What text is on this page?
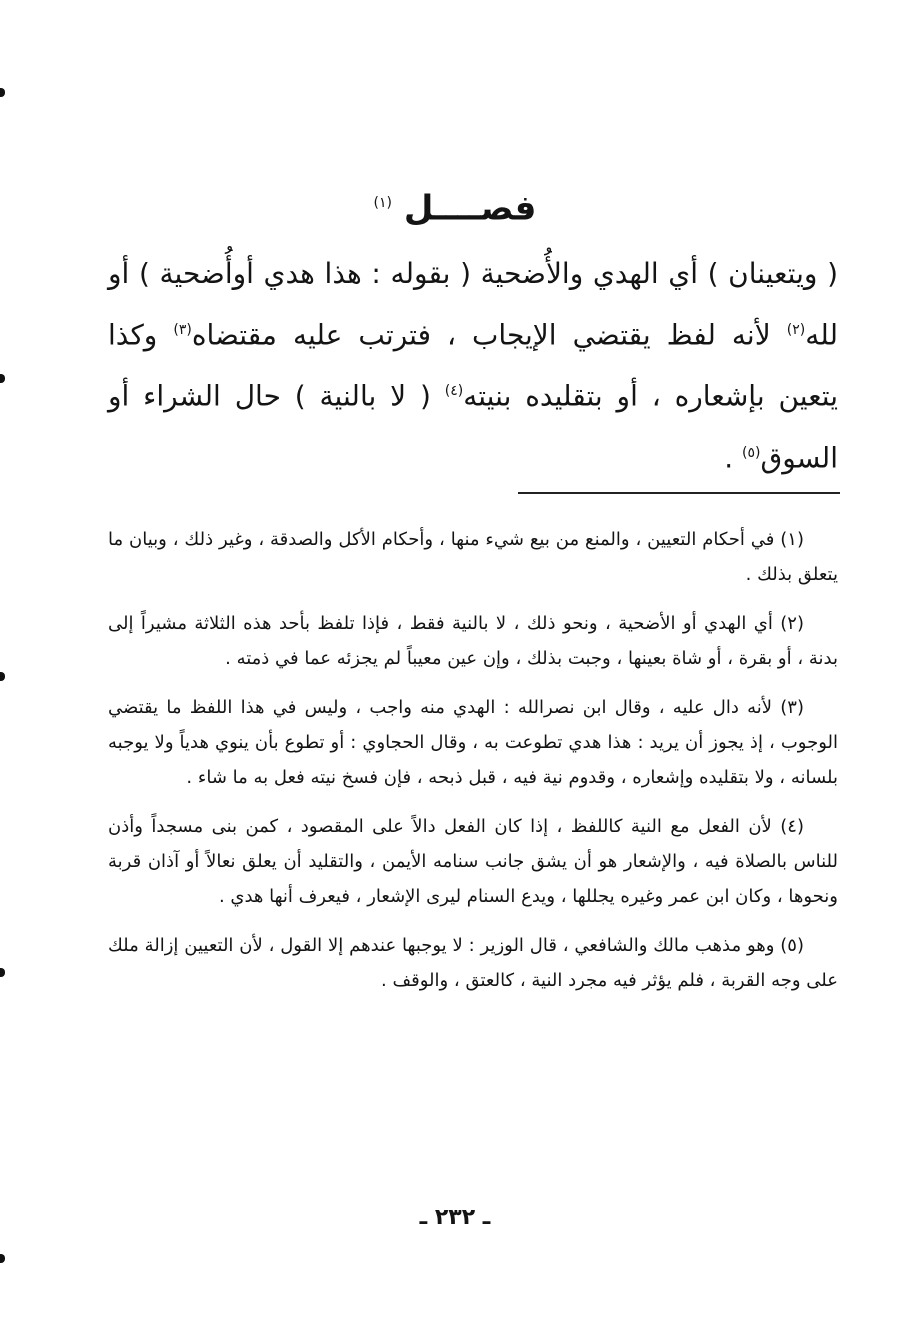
فصــــل $^{(١)}$

( ويتعينان ) أي الهدي والأُضحية ( بقوله : هذا هدي أوأُضحية ) أو لله$^{(٢)}$ لأنه لفظ يقتضي الإيجاب ، فترتب عليه مقتضاه$^{(٣)}$ وكذا يتعين بإشعاره ، أو بتقليده بنيته$^{(٤)}$ ( لا بالنية ) حال الشراء أو السوق$^{(٥)}$ .

(١) في أحكام التعيين ، والمنع من بيع شيء منها ، وأحكام الأكل والصدقة ، وغير ذلك ، وبيان ما يتعلق بذلك .

(٢) أي الهدي أو الأضحية ، ونحو ذلك ، لا بالنية فقط ، فإذا تلفظ بأحد هذه الثلاثة مشيراً إلى بدنة ، أو بقرة ، أو شاة بعينها ، وجبت بذلك ، وإن عين معيباً لم يجزئه عما في ذمته .

(٣) لأنه دال عليه ، وقال ابن نصرالله : الهدي منه واجب ، وليس في هذا اللفظ ما يقتضي الوجوب ، إذ يجوز أن يريد : هذا هدي تطوعت به ، وقال الحجاوي : أو تطوع بأن ينوي هدياً ولا يوجبه بلسانه ، ولا بتقليده وإشعاره ، وقدوم نية فيه ، قبل ذبحه ، فإن فسخ نيته فعل به ما شاء .

(٤) لأن الفعل مع النية كاللفظ ، إذا كان الفعل دالاً على المقصود ، كمن بنى مسجداً وأذن للناس بالصلاة فيه ، والإشعار هو أن يشق جانب سنامه الأيمن ، والتقليد أن يعلق نعالاً أو آذان قربة ونحوها ، وكان ابن عمر وغيره يجللها ، ويدع السنام ليرى الإشعار ، فيعرف أنها هدي .

(٥) وهو مذهب مالك والشافعي ، قال الوزير : لا يوجبها عندهم إلا القول ، لأن التعيين إزالة ملك على وجه القربة ، فلم يؤثر فيه مجرد النية ، كالعتق ، والوقف .

ـ ٢٣٢ ـ
